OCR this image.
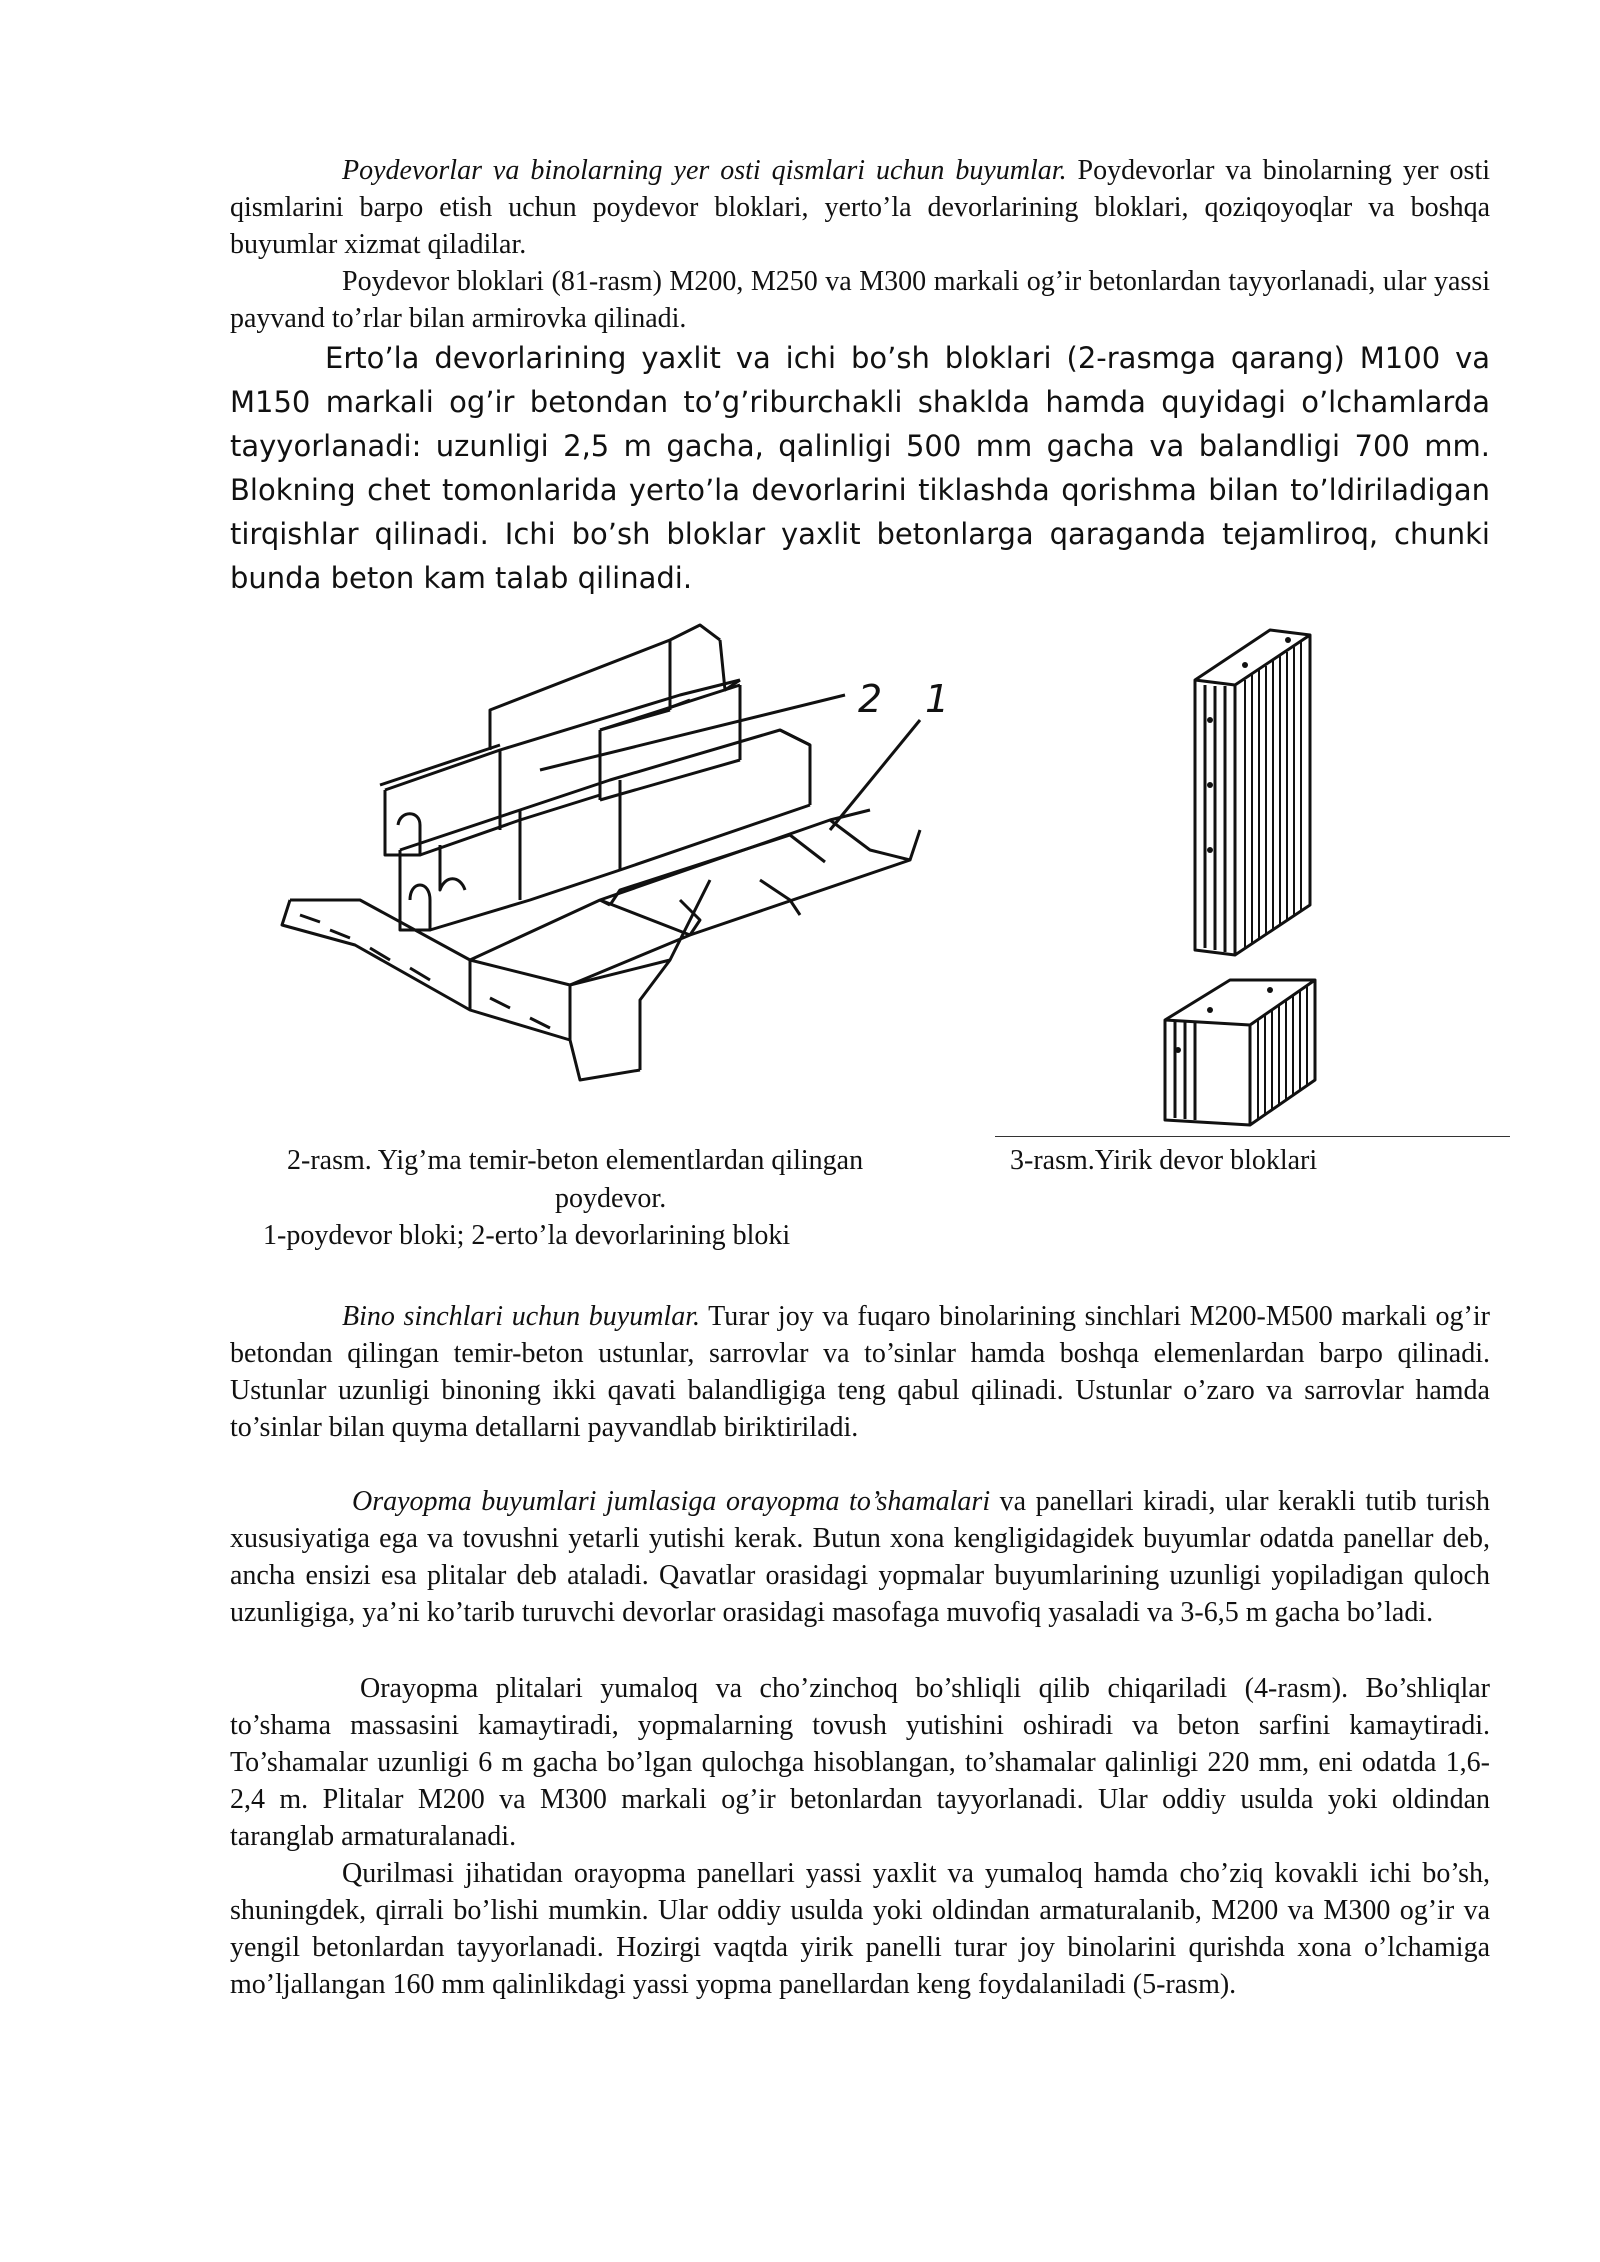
Poydevorlar va binolarning yer osti qismlari uchun buyumlar. Poydevorlar va binolarning yer osti qismlarini barpo etish uchun poydevor bloklari, yerto’la devorlarining bloklari, qoziqoyoqlar va boshqa buyumlar xizmat qiladilar.

Poydevor bloklari (81-rasm) M200, M250 va M300 markali og’ir betonlardan tayyorlanadi, ular yassi payvand to’rlar bilan armirovka qilinadi.

Erto’la devorlarining yaxlit va ichi bo’sh bloklari (2-rasmga qarang) M100 va M150 markali og’ir betondan to’g’riburchakli shaklda hamda quyidagi o’lchamlarda tayyorlanadi: uzunligi 2,5 m gacha, qalinligi 500 mm gacha va balandligi 700 mm. Blokning chet tomonlarida yerto’la devorlarini tiklashda qorishma bilan to’ldiriladigan tirqishlar qilinadi. Ichi bo’sh bloklar yaxlit betonlarga qaraganda tejamliroq, chunki bunda beton kam talab qilinadi.

2 1
2-rasm. Yig’ma temir-beton elementlardan qilingan
poydevor.
1-poydevor bloki; 2-erto’la devorlarining bloki
3-rasm.Yirik devor bloklari

Bino sinchlari uchun buyumlar. Turar joy va fuqaro binolarining sinchlari M200-M500 markali og’ir betondan qilingan temir-beton ustunlar, sarrovlar va to’sinlar hamda boshqa elemenlardan barpo qilinadi. Ustunlar uzunligi binoning ikki qavati balandligiga teng qabul qilinadi. Ustunlar o’zaro va sarrovlar hamda to’sinlar bilan quyma detallarni payvandlab biriktiriladi.

Orayopma buyumlari jumlasiga orayopma to’shamalari va panellari kiradi, ular kerakli tutib turish xususiyatiga ega va tovushni yetarli yutishi kerak. Butun xona kengligidagidek buyumlar odatda panellar deb, ancha ensizi esa plitalar deb ataladi. Qavatlar orasidagi yopmalar buyumlarining uzunligi yopiladigan quloch uzunligiga, ya’ni ko’tarib turuvchi devorlar orasidagi masofaga muvofiq yasaladi va 3-6,5 m gacha bo’ladi.

Orayopma plitalari yumaloq va cho’zinchoq bo’shliqli qilib chiqariladi (4-rasm). Bo’shliqlar to’shama massasini kamaytiradi, yopmalarning tovush yutishini oshiradi va beton sarfini kamaytiradi. To’shamalar uzunligi 6 m gacha bo’lgan qulochga hisoblangan, to’shamalar qalinligi 220 mm, eni odatda 1,6-2,4 m. Plitalar M200 va M300 markali og’ir betonlardan tayyorlanadi. Ular oddiy usulda yoki oldindan taranglab armaturalanadi.

Qurilmasi jihatidan orayopma panellari yassi yaxlit va yumaloq hamda cho’ziq kovakli ichi bo’sh, shuningdek, qirrali bo’lishi mumkin. Ular oddiy usulda yoki oldindan armaturalanib, M200 va M300 og’ir va yengil betonlardan tayyorlanadi. Hozirgi vaqtda yirik panelli turar joy binolarini qurishda xona o’lchamiga mo’ljallangan 160 mm qalinlikdagi yassi yopma panellardan keng foydalaniladi (5-rasm).
